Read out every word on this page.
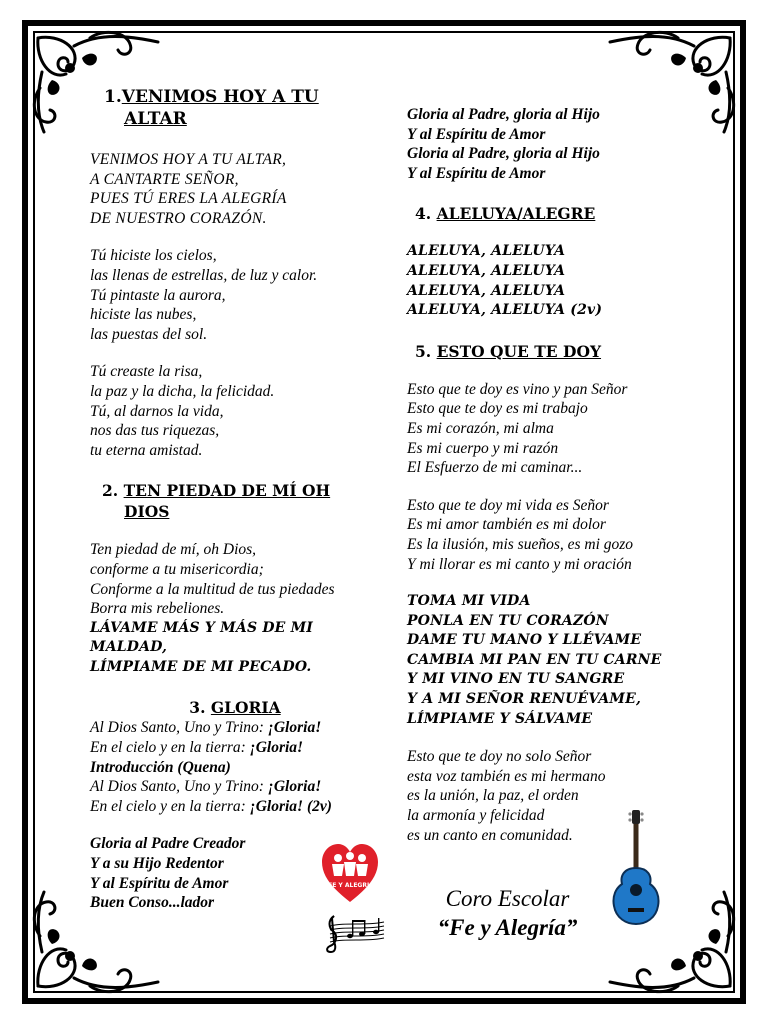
1.VENIMOS HOY A TU
ALTAR
VENIMOS HOY A TU ALTAR,
A CANTARTE SEÑOR,
PUES TÚ ERES LA ALEGRÍA
DE NUESTRO CORAZÓN.
Tú hiciste los cielos,
las llenas de estrellas, de luz y calor.
Tú pintaste la aurora,
hiciste las nubes,
las puestas del sol.
Tú creaste la risa,
la paz y la dicha, la felicidad.
Tú, al darnos la vida,
nos das tus riquezas,
tu eterna amistad.
2. TEN PIEDAD DE MÍ OH
DIOS
Ten piedad de mí, oh Dios,
conforme a tu misericordia;
Conforme a la multitud de tus piedades
Borra mis rebeliones.
LÁVAME MÁS Y MÁS DE MI
MALDAD,
LÍMPIAME DE MI PECADO.
3. GLORIA
Al Dios Santo, Uno y Trino: ¡Gloria!
En el cielo y en la tierra: ¡Gloria!
Introducción (Quena)
Al Dios Santo, Uno y Trino: ¡Gloria!
En el cielo y en la tierra: ¡Gloria! (2v)
Gloria al Padre Creador
Y a su Hijo Redentor
Y al Espíritu de Amor
Buen Conso...lador
Gloria al Padre, gloria al Hijo
Y al Espíritu de Amor
Gloria al Padre, gloria al Hijo
Y al Espíritu de Amor
4. ALELUYA/ALEGRE
ALELUYA, ALELUYA
ALELUYA, ALELUYA
ALELUYA, ALELUYA
ALELUYA, ALELUYA (2v)
5. ESTO QUE TE DOY
Esto que te doy es vino y pan Señor
Esto que te doy es mi trabajo
Es mi corazón, mi alma
Es mi cuerpo y mi razón
El Esfuerzo de mi caminar...
Esto que te doy mi vida es Señor
Es mi amor también es mi dolor
Es la ilusión, mis sueños, es mi gozo
Y mi llorar es mi canto y mi oración
TOMA MI VIDA
PONLA EN TU CORAZÓN
DAME TU MANO Y LLÉVAME
CAMBIA MI PAN EN TU CARNE
Y MI VINO EN TU SANGRE
Y A MI SEÑOR RENUÉVAME,
LÍMPIAME Y SÁLVAME
Esto que te doy no solo Señor
esta voz también es mi hermano
es la unión, la paz, el orden
la armonía y felicidad
es un canto en comunidad.
FE Y ALEGRIA
Coro Escolar
“Fe y Alegría”
